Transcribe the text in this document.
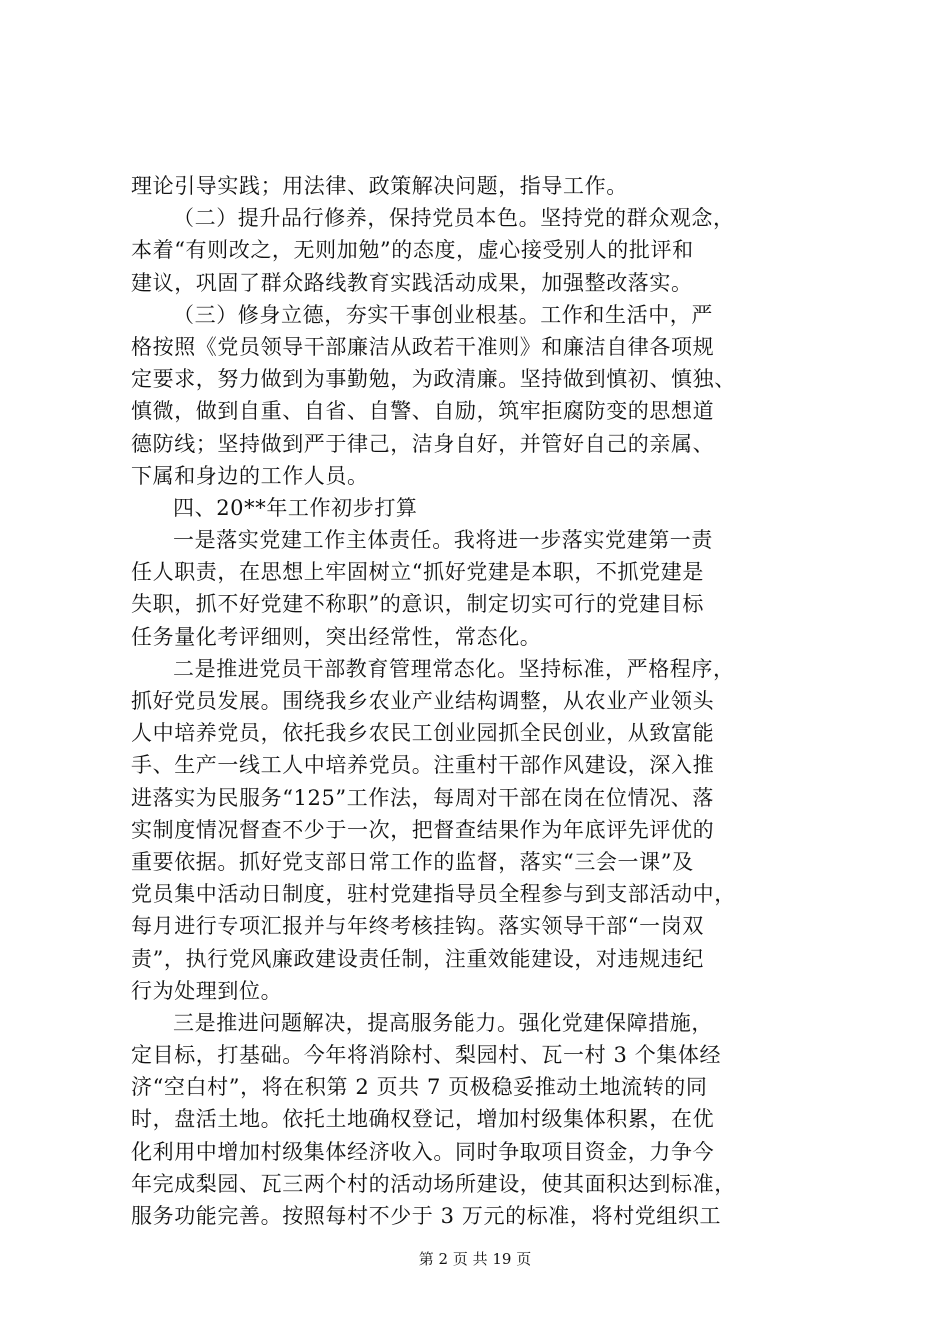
理论引导实践；用法律、政策解决问题，指导工作。
（二）提升品行修养，保持党员本色。坚持党的群众观念，
本着“有则改之，无则加勉”的态度，虚心接受别人的批评和
建议，巩固了群众路线教育实践活动成果，加强整改落实。
（三）修身立德，夯实干事创业根基。工作和生活中，严
格按照《党员领导干部廉洁从政若干准则》和廉洁自律各项规
定要求，努力做到为事勤勉，为政清廉。坚持做到慎初、慎独、
慎微，做到自重、自省、自警、自励，筑牢拒腐防变的思想道
德防线；坚持做到严于律己，洁身自好，并管好自己的亲属、
下属和身边的工作人员。
四、20**年工作初步打算
一是落实党建工作主体责任。我将进一步落实党建第一责
任人职责，在思想上牢固树立“抓好党建是本职，不抓党建是
失职，抓不好党建不称职”的意识，制定切实可行的党建目标
任务量化考评细则，突出经常性，常态化。
二是推进党员干部教育管理常态化。坚持标准，严格程序，
抓好党员发展。围绕我乡农业产业结构调整，从农业产业领头
人中培养党员，依托我乡农民工创业园抓全民创业，从致富能
手、生产一线工人中培养党员。注重村干部作风建设，深入推
进落实为民服务“125”工作法，每周对干部在岗在位情况、落
实制度情况督查不少于一次，把督查结果作为年底评先评优的
重要依据。抓好党支部日常工作的监督，落实“三会一课”及
党员集中活动日制度，驻村党建指导员全程参与到支部活动中，
每月进行专项汇报并与年终考核挂钩。落实领导干部“一岗双
责”，执行党风廉政建设责任制，注重效能建设，对违规违纪
行为处理到位。
三是推进问题解决，提高服务能力。强化党建保障措施，
定目标，打基础。今年将消除村、梨园村、瓦一村 3 个集体经
济“空白村”，将在积第 2 页共 7 页极稳妥推动土地流转的同
时，盘活土地。依托土地确权登记，增加村级集体积累，在优
化利用中增加村级集体经济收入。同时争取项目资金，力争今
年完成梨园、瓦三两个村的活动场所建设，使其面积达到标准，
服务功能完善。按照每村不少于 3 万元的标准，将村党组织工
第 2 页 共 19 页
